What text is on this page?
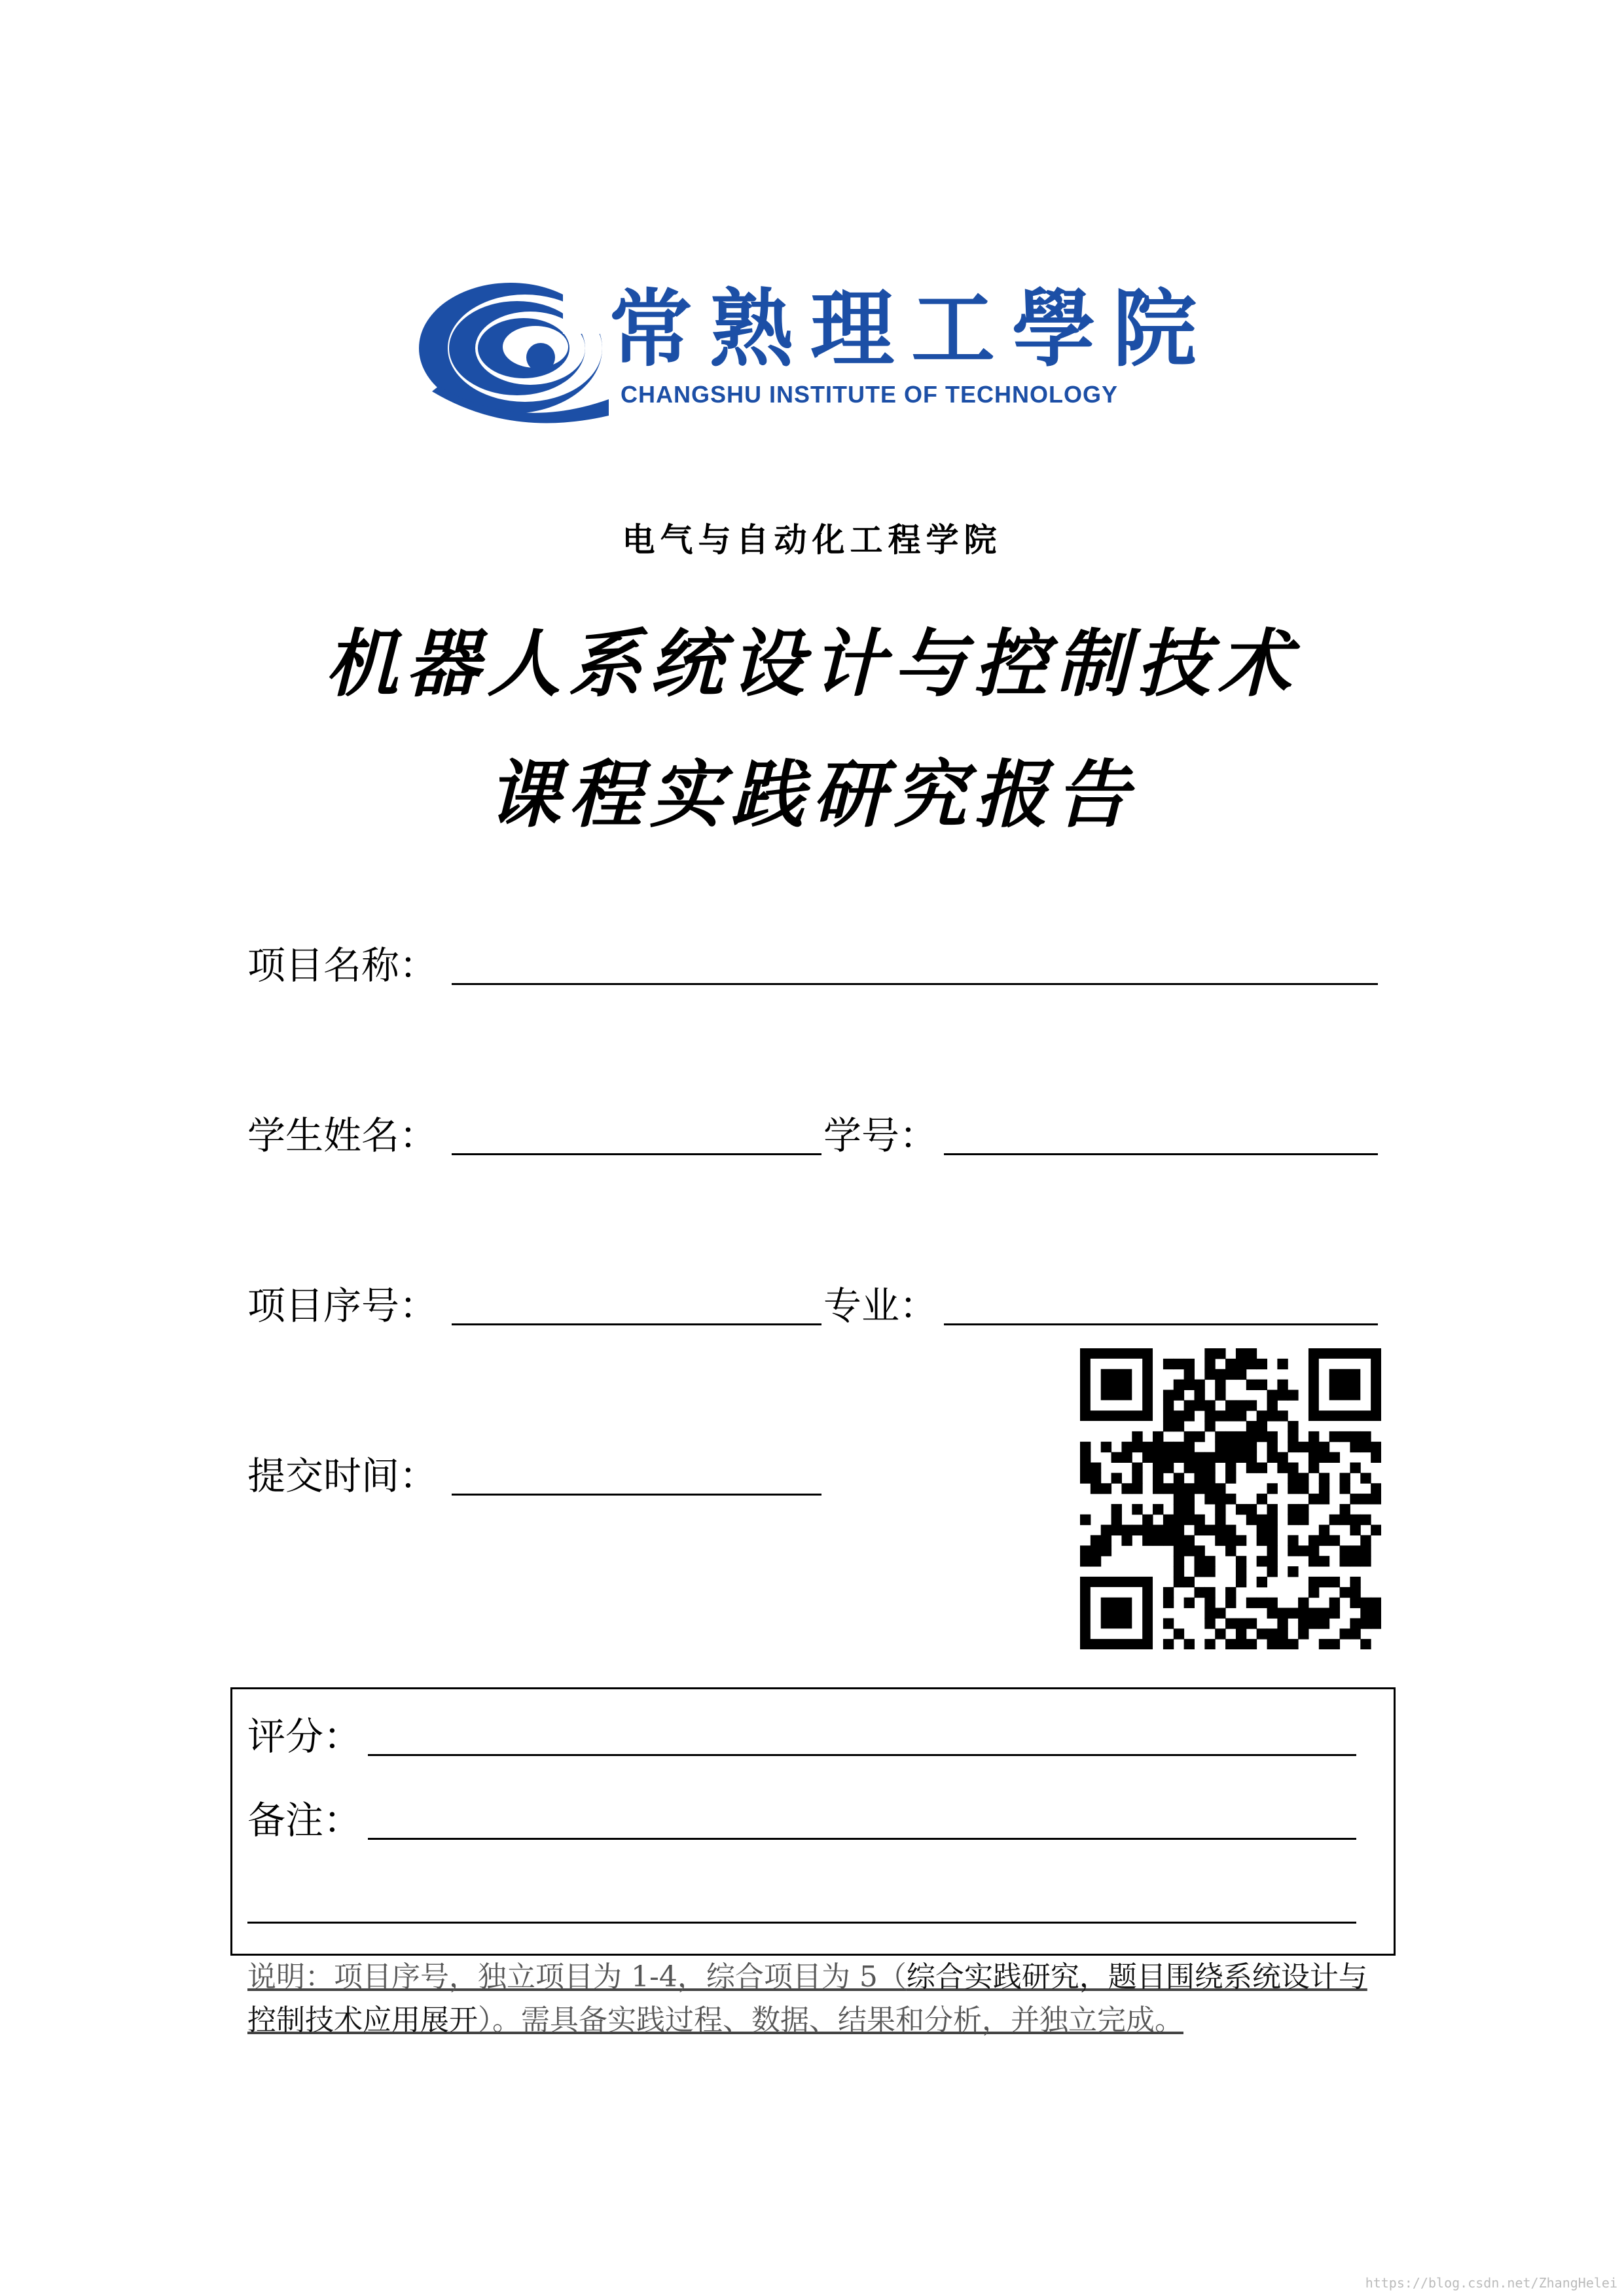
常熟理工學院
CHANGSHU INSTITUTE OF TECHNOLOGY
电气与自动化工程学院
机器人系统设计与控制技术
课程实践研究报告
项目名称：
学生姓名：	学号：
项目序号：	专业：
提交时间：
评分：
备注：
说明：项目序号，独立项目为 1-4，综合项目为 5（综合实践研究，题目围绕系统设计与控制技术应用展开）。需具备实践过程、数据、结果和分析，并独立完成。
https://blog.csdn.net/ZhangHelei
